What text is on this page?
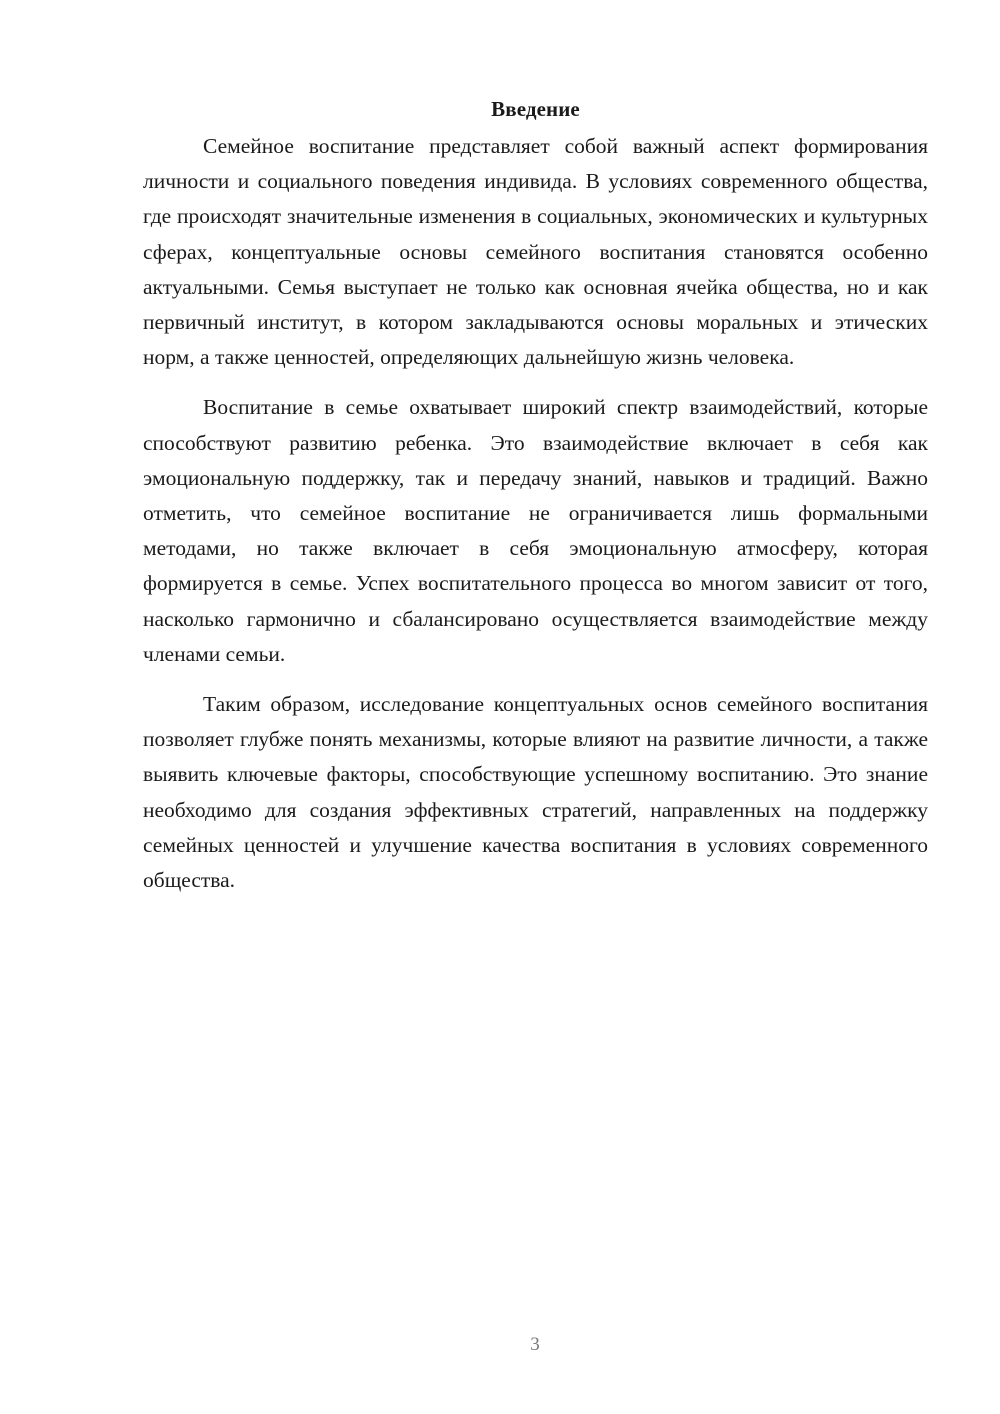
Введение

Семейное воспитание представляет собой важный аспект формирования личности и социального поведения индивида. В условиях современного общества, где происходят значительные изменения в социальных, экономических и культурных сферах, концептуальные основы семейного воспитания становятся особенно актуальными. Семья выступает не только как основная ячейка общества, но и как первичный институт, в котором закладываются основы моральных и этических норм, а также ценностей, определяющих дальнейшую жизнь человека.

Воспитание в семье охватывает широкий спектр взаимодействий, которые способствуют развитию ребенка. Это взаимодействие включает в себя как эмоциональную поддержку, так и передачу знаний, навыков и традиций. Важно отметить, что семейное воспитание не ограничивается лишь формальными методами, но также включает в себя эмоциональную атмосферу, которая формируется в семье. Успех воспитательного процесса во многом зависит от того, насколько гармонично и сбалансировано осуществляется взаимодействие между членами семьи.

Таким образом, исследование концептуальных основ семейного воспитания позволяет глубже понять механизмы, которые влияют на развитие личности, а также выявить ключевые факторы, способствующие успешному воспитанию. Это знание необходимо для создания эффективных стратегий, направленных на поддержку семейных ценностей и улучшение качества воспитания в условиях современного общества.

3
